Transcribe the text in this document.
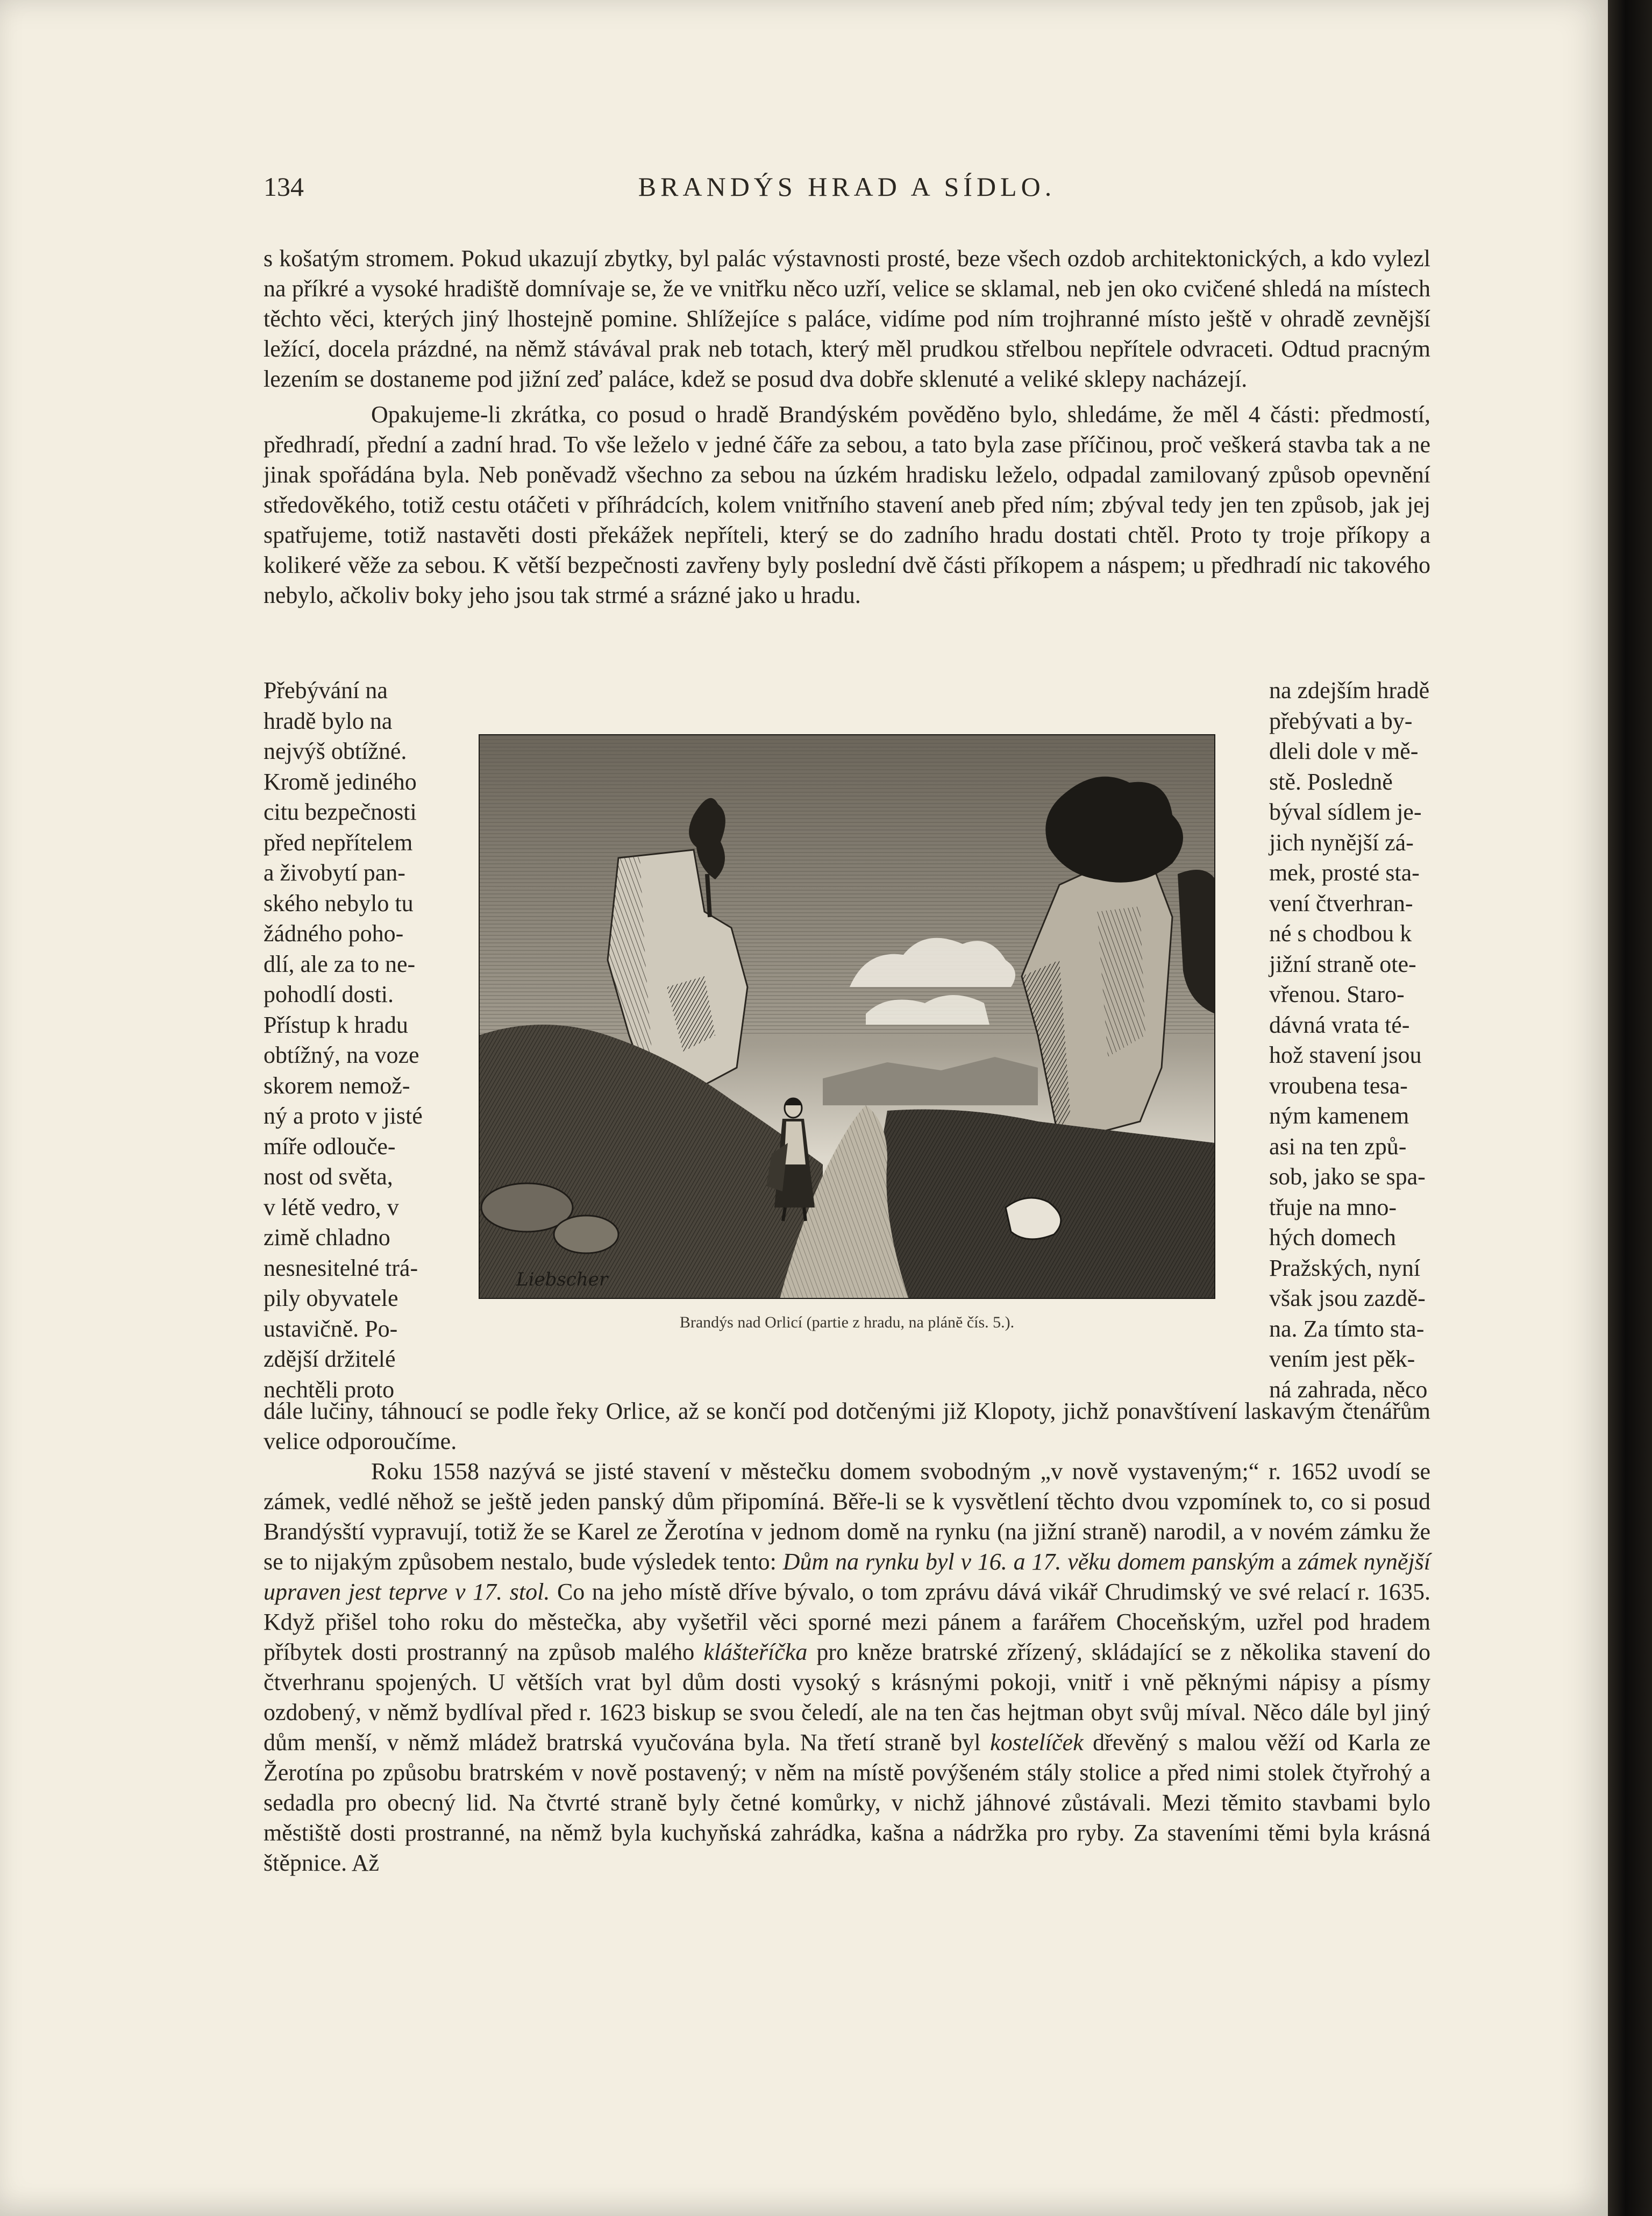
134	BRANDÝS HRAD A SÍDLO.

s košatým stromem. Pokud ukazují zbytky, byl palác výstavnosti prosté, beze všech ozdob architektonických, a kdo vylezl na příkré a vysoké hradiště domnívaje se, že ve vnitřku něco uzří, velice se sklamal, neb jen oko cvičené shledá na místech těchto věci, kterých jiný lhostejně pomine. Shlížejíce s paláce, vidíme pod ním trojhranné místo ještě v ohradě zevnější ležící, docela prázdné, na němž stávával prak neb totach, který měl prudkou střelbou nepřítele odvraceti. Odtud pracným lezením se dostaneme pod jižní zeď paláce, kdež se posud dva dobře sklenuté a veliké sklepy nacházejí.

Opakujeme-li zkrátka, co posud o hradě Brandýském pověděno bylo, shledáme, že měl 4 části: předmostí, předhradí, přední a zadní hrad. To vše leželo v jedné čáře za sebou, a tato byla zase příčinou, proč veškerá stavba tak a ne jinak spořádána byla. Neb poněvadž všechno za sebou na úzkém hradisku leželo, odpadal zamilovaný způsob opevnění středověkého, totiž cestu otáčeti v příhrádcích, kolem vnitřního stavení aneb před ním; zbýval tedy jen ten způsob, jak jej spatřujeme, totiž nastavěti dosti překážek nepříteli, který se do zadního hradu dostati chtěl. Proto ty troje příkopy a kolikeré věže za sebou. K větší bezpečnosti zavřeny byly poslední dvě části příkopem a náspem; u předhradí nic takového nebylo, ačkoliv boky jeho jsou tak strmé a srázné jako u hradu.

Přebývání na
hradě bylo na
nejvýš obtížné.
Kromě jediného
citu bezpečnosti
před nepřítelem
a živobytí pan-
ského nebylo tu
žádného poho-
dlí, ale za to ne-
pohodlí dosti.
Přístup k hradu
obtížný, na voze
skorem nemož-
ný a proto v jisté
míře odlouče-
nost od světa,
v létě vedro, v
zimě chladno
nesnesitelné trá-
pily obyvatele
ustavičně. Po-
zdější držitelé
nechtěli proto
na zdejším hradě
přebývati a by-
dleli dole v mě-
stě. Posledně
býval sídlem je-
jich nynější zá-
mek, prosté sta-
vení čtverhran-
né s chodbou k
jižní straně ote-
vřenou. Staro-
dávná vrata té-
hož stavení jsou
vroubena tesa-
ným kamenem
asi na ten způ-
sob, jako se spa-
třuje na mno-
hých domech
Pražských, nyní
však jsou zazdě-
na. Za tímto sta-
vením jest pěk-
ná zahrada, něco
Liebscher

Brandýs nad Orlicí (partie z hradu, na plánĕ čís. 5.).

dále lučiny, táhnoucí se podle řeky Orlice, až se končí pod dotčenými již Klopoty, jichž ponavštívení laskavým čtenářům velice odporoučíme.

Roku 1558 nazývá se jisté stavení v městečku domem svobodným „v nově vystaveným;“ r. 1652 uvodí se zámek, vedlé něhož se ještě jeden panský dům připomíná. Běře-li se k vysvětlení těchto dvou vzpomínek to, co si posud Brandýsští vypravují, totiž že se Karel ze Žerotína v jednom domě na rynku (na jižní straně) narodil, a v novém zámku že se to nijakým způsobem nestalo, bude výsledek tento: Dům na rynku byl v 16. a 17. věku domem panským a zámek nynější upraven jest teprve v 17. stol. Co na jeho místě dříve bývalo, o tom zprávu dává vikář Chrudimský ve své relací r. 1635. Když přišel toho roku do městečka, aby vyšetřil věci sporné mezi pánem a farářem Choceňským, uzřel pod hradem příbytek dosti prostranný na způsob malého klášteříčka pro kněze bratrské zřízený, skládající se z několika stavení do čtverhranu spojených. U větších vrat byl dům dosti vysoký s krásnými pokoji, vnitř i vně pěknými nápisy a písmy ozdobený, v němž bydlíval před r. 1623 biskup se svou čeledí, ale na ten čas hejtman obyt svůj míval. Něco dále byl jiný dům menší, v němž mládež bratrská vyučována byla. Na třetí straně byl kostelíček dřevěný s malou věží od Karla ze Žerotína po způsobu bratrském v nově postavený; v něm na místě povýšeném stály stolice a před nimi stolek čtyřrohý a sedadla pro obecný lid. Na čtvrté straně byly četné komůrky, v nichž jáhnové zůstávali. Mezi těmito stavbami bylo městiště dosti prostranné, na němž byla kuchyňská zahrádka, kašna a nádržka pro ryby. Za staveními těmi byla krásná štěpnice. Až
